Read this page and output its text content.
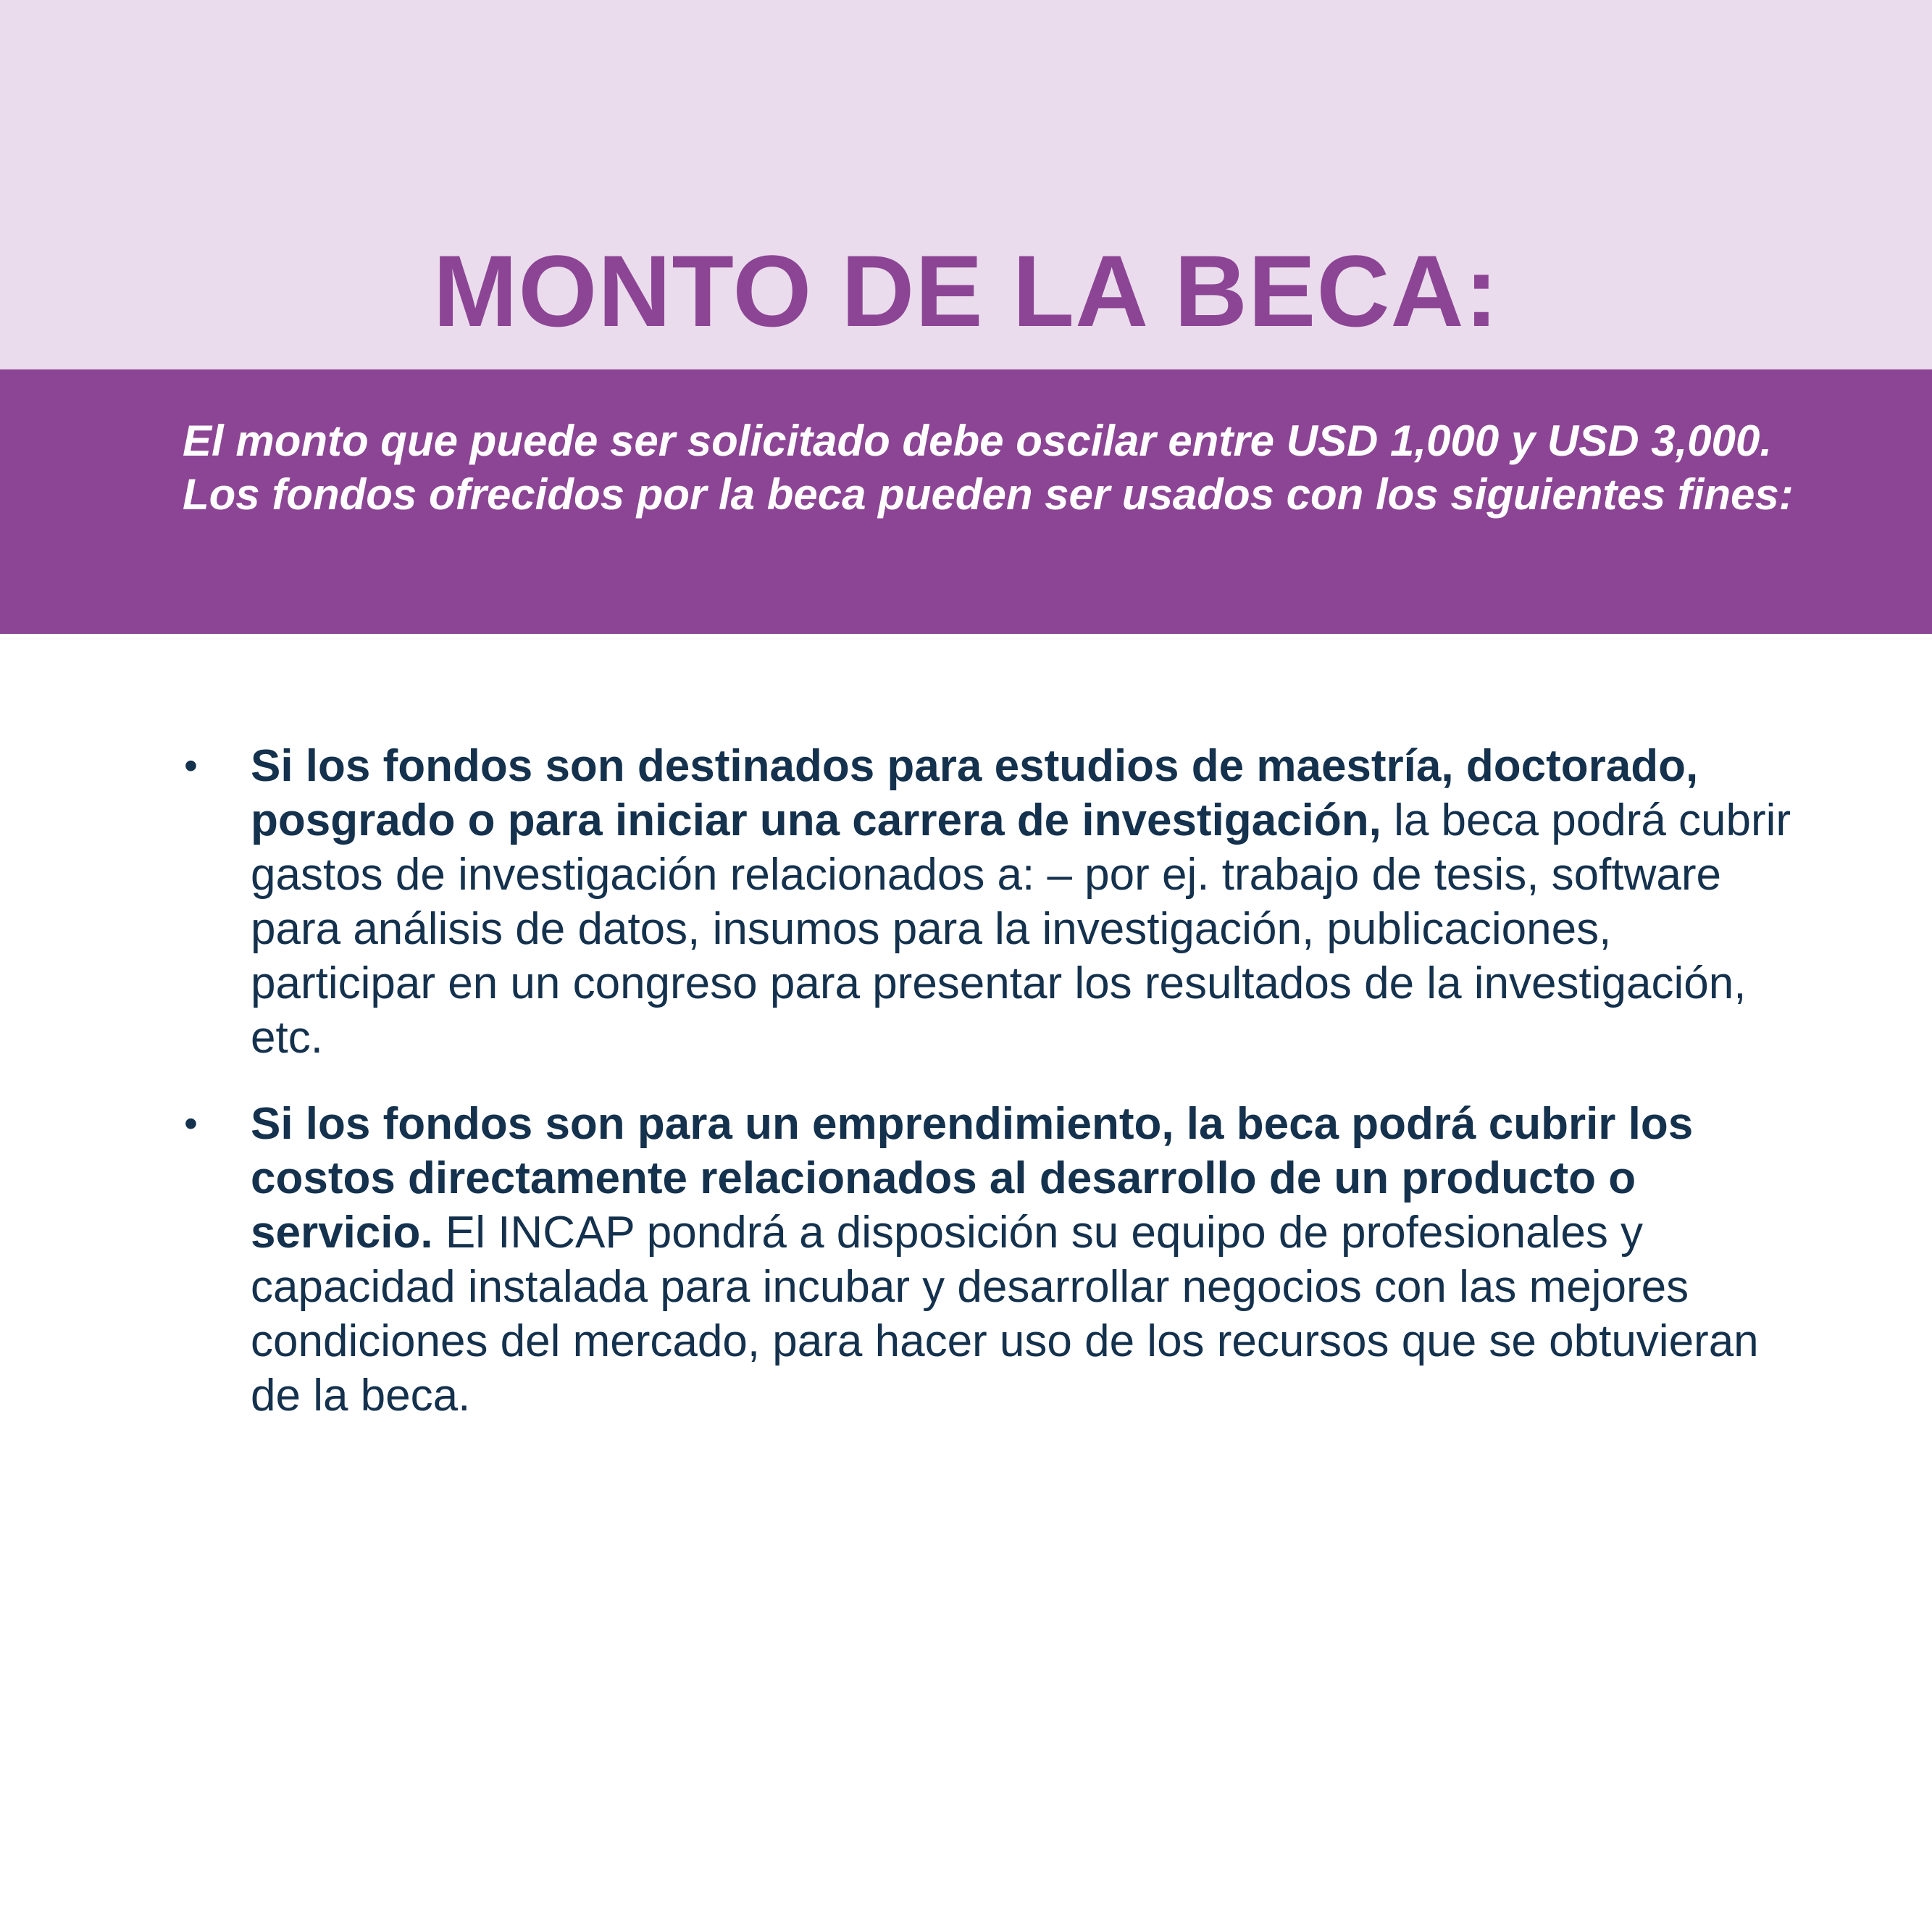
MONTO DE LA BECA:

El monto que puede ser solicitado debe oscilar entre USD 1,000 y USD 3,000. Los fondos ofrecidos por la beca pueden ser usados con los siguientes fines:

• Si los fondos son destinados para estudios de maestría, doctorado, posgrado o para iniciar una carrera de investigación, la beca podrá cubrir gastos de investigación relacionados a: – por ej. trabajo de tesis, software para análisis de datos, insumos para la investigación, publicaciones, participar en un congreso para presentar los resultados de la investigación, etc.
• Si los fondos son para un emprendimiento, la beca podrá cubrir los costos directamente relacionados al desarrollo de un producto o servicio. El INCAP pondrá a disposición su equipo de profesionales y capacidad instalada para incubar y desarrollar negocios con las mejores condiciones del mercado, para hacer uso de los recursos que se obtuvieran de la beca.
